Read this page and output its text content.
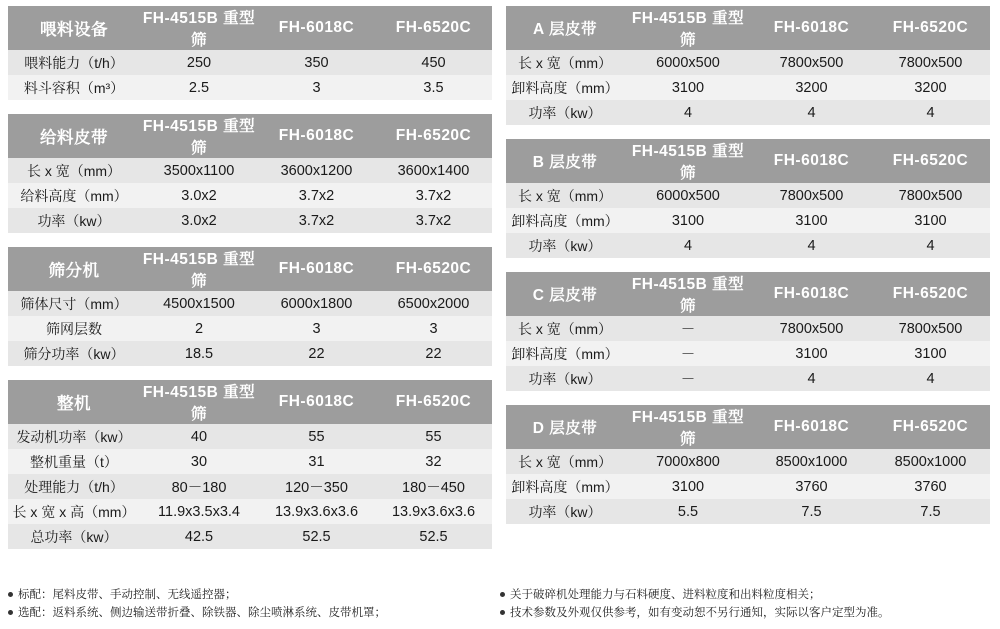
喂料设备	FH-4515B 重型筛	FH-6018C	FH-6520C
喂料能力（t/h）	250	350	450
料斗容积（m³）	2.5	3	3.5
给料皮带	FH-4515B 重型筛	FH-6018C	FH-6520C
长 x 宽（mm）	3500x1100	3600x1200	3600x1400
给料高度（mm）	3.0x2	3.7x2	3.7x2
功率（kw）	3.0x2	3.7x2	3.7x2
筛分机	FH-4515B 重型筛	FH-6018C	FH-6520C
筛体尺寸（mm）	4500x1500	6000x1800	6500x2000
筛网层数	2	3	3
筛分功率（kw）	18.5	22	22
整机	FH-4515B 重型筛	FH-6018C	FH-6520C
发动机功率（kw）	40	55	55
整机重量（t）	30	31	32
处理能力（t/h）	80－180	120－350	180－450
长 x 宽 x 高（mm）	11.9x3.5x3.4	13.9x3.6x3.6	13.9x3.6x3.6
总功率（kw）	42.5	52.5	52.5
A 层皮带	FH-4515B 重型筛	FH-6018C	FH-6520C
长 x 宽（mm）	6000x500	7800x500	7800x500
卸料高度（mm）	3100	3200	3200
功率（kw）	4	4	4
B 层皮带	FH-4515B 重型筛	FH-6018C	FH-6520C
长 x 宽（mm）	6000x500	7800x500	7800x500
卸料高度（mm）	3100	3100	3100
功率（kw）	4	4	4
C 层皮带	FH-4515B 重型筛	FH-6018C	FH-6520C
长 x 宽（mm）	－	7800x500	7800x500
卸料高度（mm）	－	3100	3100
功率（kw）	－	4	4
D 层皮带	FH-4515B 重型筛	FH-6018C	FH-6520C
长 x 宽（mm）	7000x800	8500x1000	8500x1000
卸料高度（mm）	3100	3760	3760
功率（kw）	5.5	7.5	7.5
标配：尾料皮带、手动控制、无线遥控器；
选配：返料系统、侧边输送带折叠、除铁器、除尘喷淋系统、皮带机罩；
关于破碎机处理能力与石料硬度、进料粒度和出料粒度相关；
技术参数及外观仅供参考，如有变动恕不另行通知，实际以客户定型为准。
